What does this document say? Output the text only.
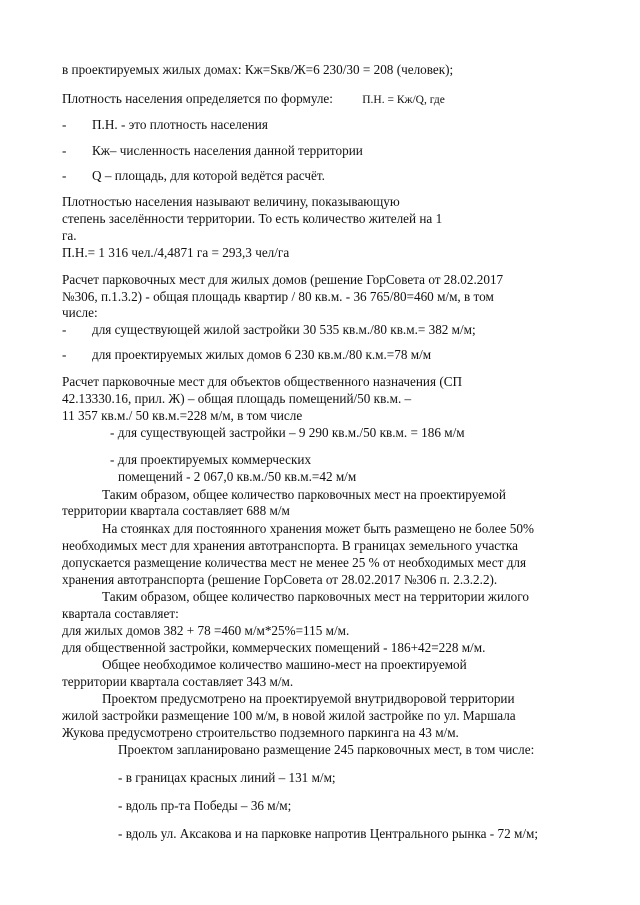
в проектируемых жилых домах: Кж=Sкв/Ж=6 230/30 = 208 (человек);
Плотность населения определяется по формуле:	П.Н. = Кж/Q, где
- П.Н. - это плотность населения
- Кж– численность населения данной территории
- Q – площадь, для которой ведётся расчёт.
Плотностью населения называют величину, показывающую
степень заселённости территории. То есть количество жителей на 1
га.
П.Н.= 1 316 чел./4,4871 га = 293,3 чел/га
Расчет парковочных мест для жилых домов (решение ГорСовета от 28.02.2017
№306, п.1.3.2) - общая площадь квартир / 80 кв.м. - 36 765/80=460 м/м, в том
числе:
- для существующей жилой застройки 30 535 кв.м./80 кв.м.= 382 м/м;
- для проектируемых жилых домов 6 230 кв.м./80 к.м.=78 м/м
Расчет парковочные мест для объектов общественного назначения (СП
42.13330.16, прил. Ж) – общая площадь помещений/50 кв.м. –
11 357 кв.м./ 50 кв.м.=228 м/м, в том числе
- для существующей застройки – 9 290 кв.м./50 кв.м. = 186 м/м
- для проектируемых коммерческих
помещений - 2 067,0 кв.м./50 кв.м.=42 м/м
Таким образом, общее количество парковочных мест на проектируемой
территории квартала составляет 688 м/м
На стоянках для постоянного хранения может быть размещено не более 50%
необходимых мест для хранения автотранспорта. В границах земельного участка
допускается размещение количества мест не менее 25 % от необходимых мест для
хранения автотранспорта (решение ГорСовета от 28.02.2017 №306 п. 2.3.2.2).
Таким образом, общее количество парковочных мест на территории жилого
квартала составляет:
для жилых домов 382 + 78 =460 м/м*25%=115 м/м.
для общественной застройки, коммерческих помещений - 186+42=228 м/м.
Общее необходимое количество машино-мест на проектируемой
территории квартала составляет 343 м/м.
Проектом предусмотрено на проектируемой внутридворовой территории
жилой застройки размещение 100 м/м, в новой жилой застройке по ул. Маршала
Жукова предусмотрено строительство подземного паркинга на 43 м/м.
Проектом запланировано размещение 245 парковочных мест, в том числе:
- в границах красных линий – 131 м/м;
- вдоль пр-та Победы – 36 м/м;
- вдоль ул. Аксакова и на парковке напротив Центрального рынка - 72 м/м;
